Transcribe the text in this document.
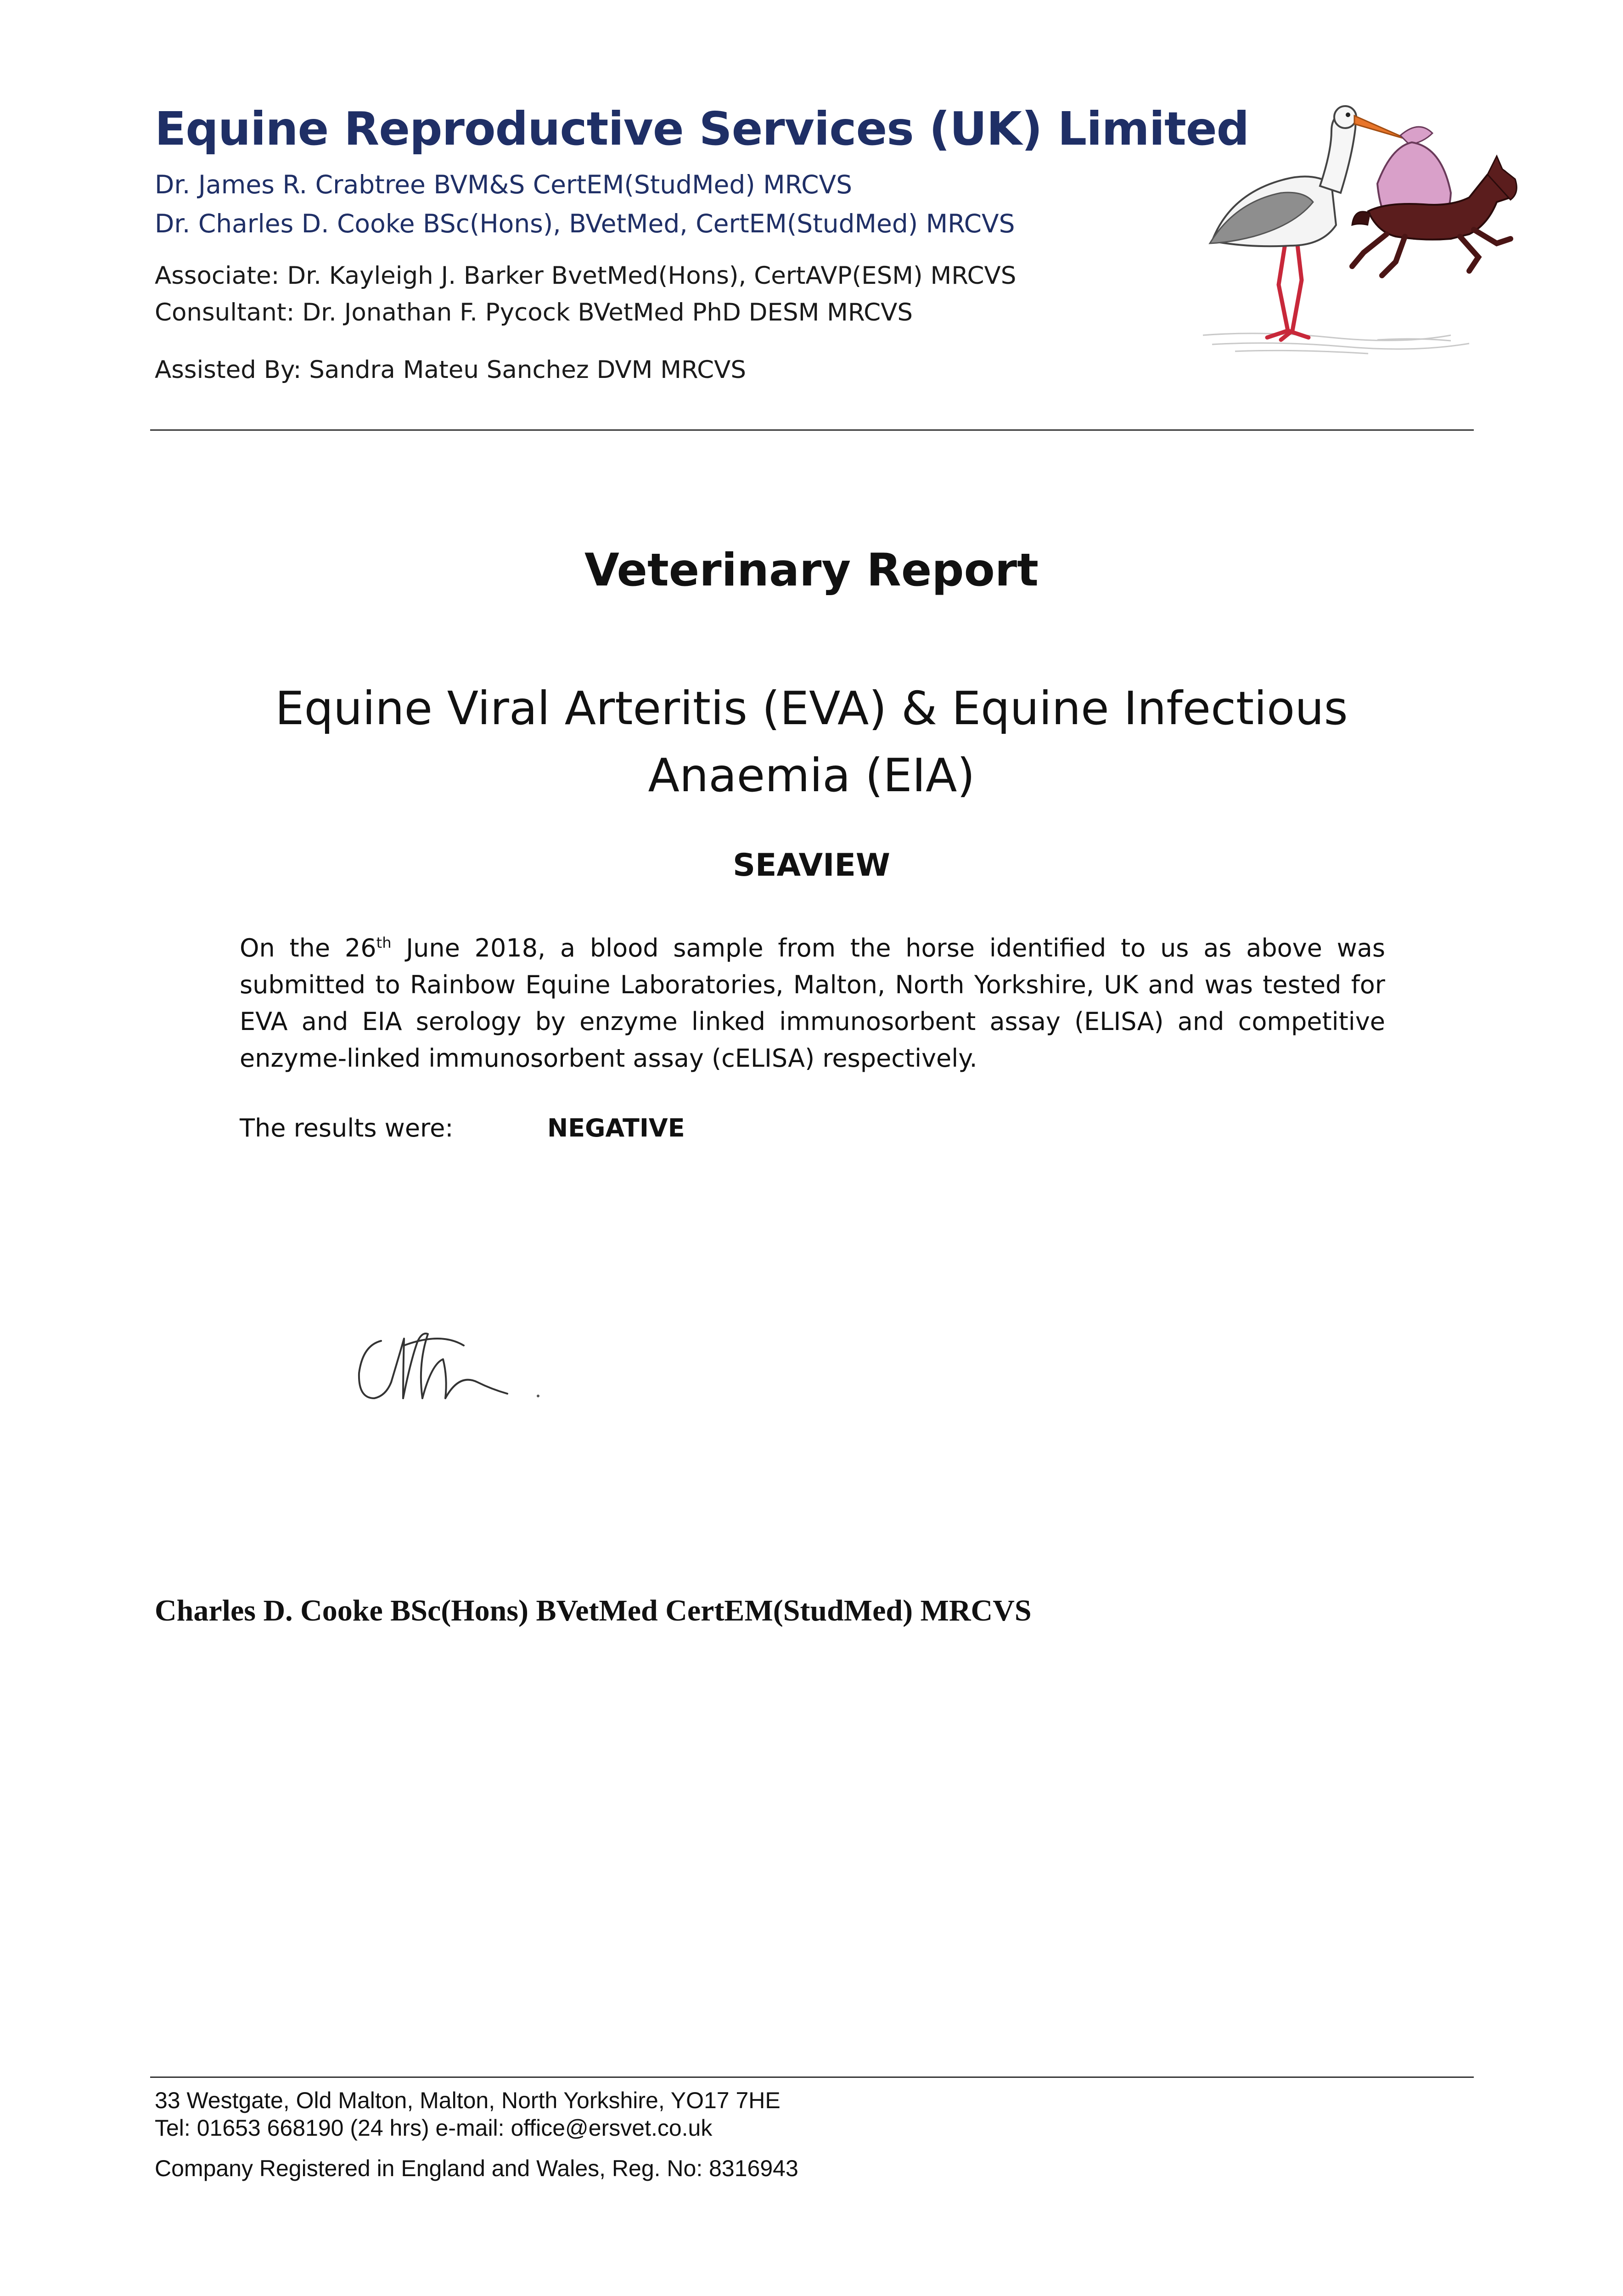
Equine Reproductive Services (UK) Limited
Dr. James R. Crabtree BVM&S CertEM(StudMed) MRCVS
Dr. Charles D. Cooke BSc(Hons), BVetMed, CertEM(StudMed) MRCVS
Associate: Dr. Kayleigh J. Barker BvetMed(Hons), CertAVP(ESM) MRCVS
Consultant: Dr. Jonathan F. Pycock BVetMed PhD DESM MRCVS
Assisted By: Sandra Mateu Sanchez DVM MRCVS
Veterinary Report
Equine Viral Arteritis (EVA) & Equine Infectious Anaemia (EIA)
SEAVIEW
On the 26th June 2018, a blood sample from the horse identified to us as above was submitted to Rainbow Equine Laboratories, Malton, North Yorkshire, UK and was tested for EVA and EIA serology by enzyme linked immunosorbent assay (ELISA) and competitive enzyme-linked immunosorbent assay (cELISA) respectively.
The results were:	NEGATIVE
Charles D. Cooke BSc(Hons) BVetMed CertEM(StudMed) MRCVS
33 Westgate, Old Malton, Malton, North Yorkshire, YO17 7HE
Tel: 01653 668190 (24 hrs) e-mail: office@ersvet.co.uk
Company Registered in England and Wales, Reg. No: 8316943
